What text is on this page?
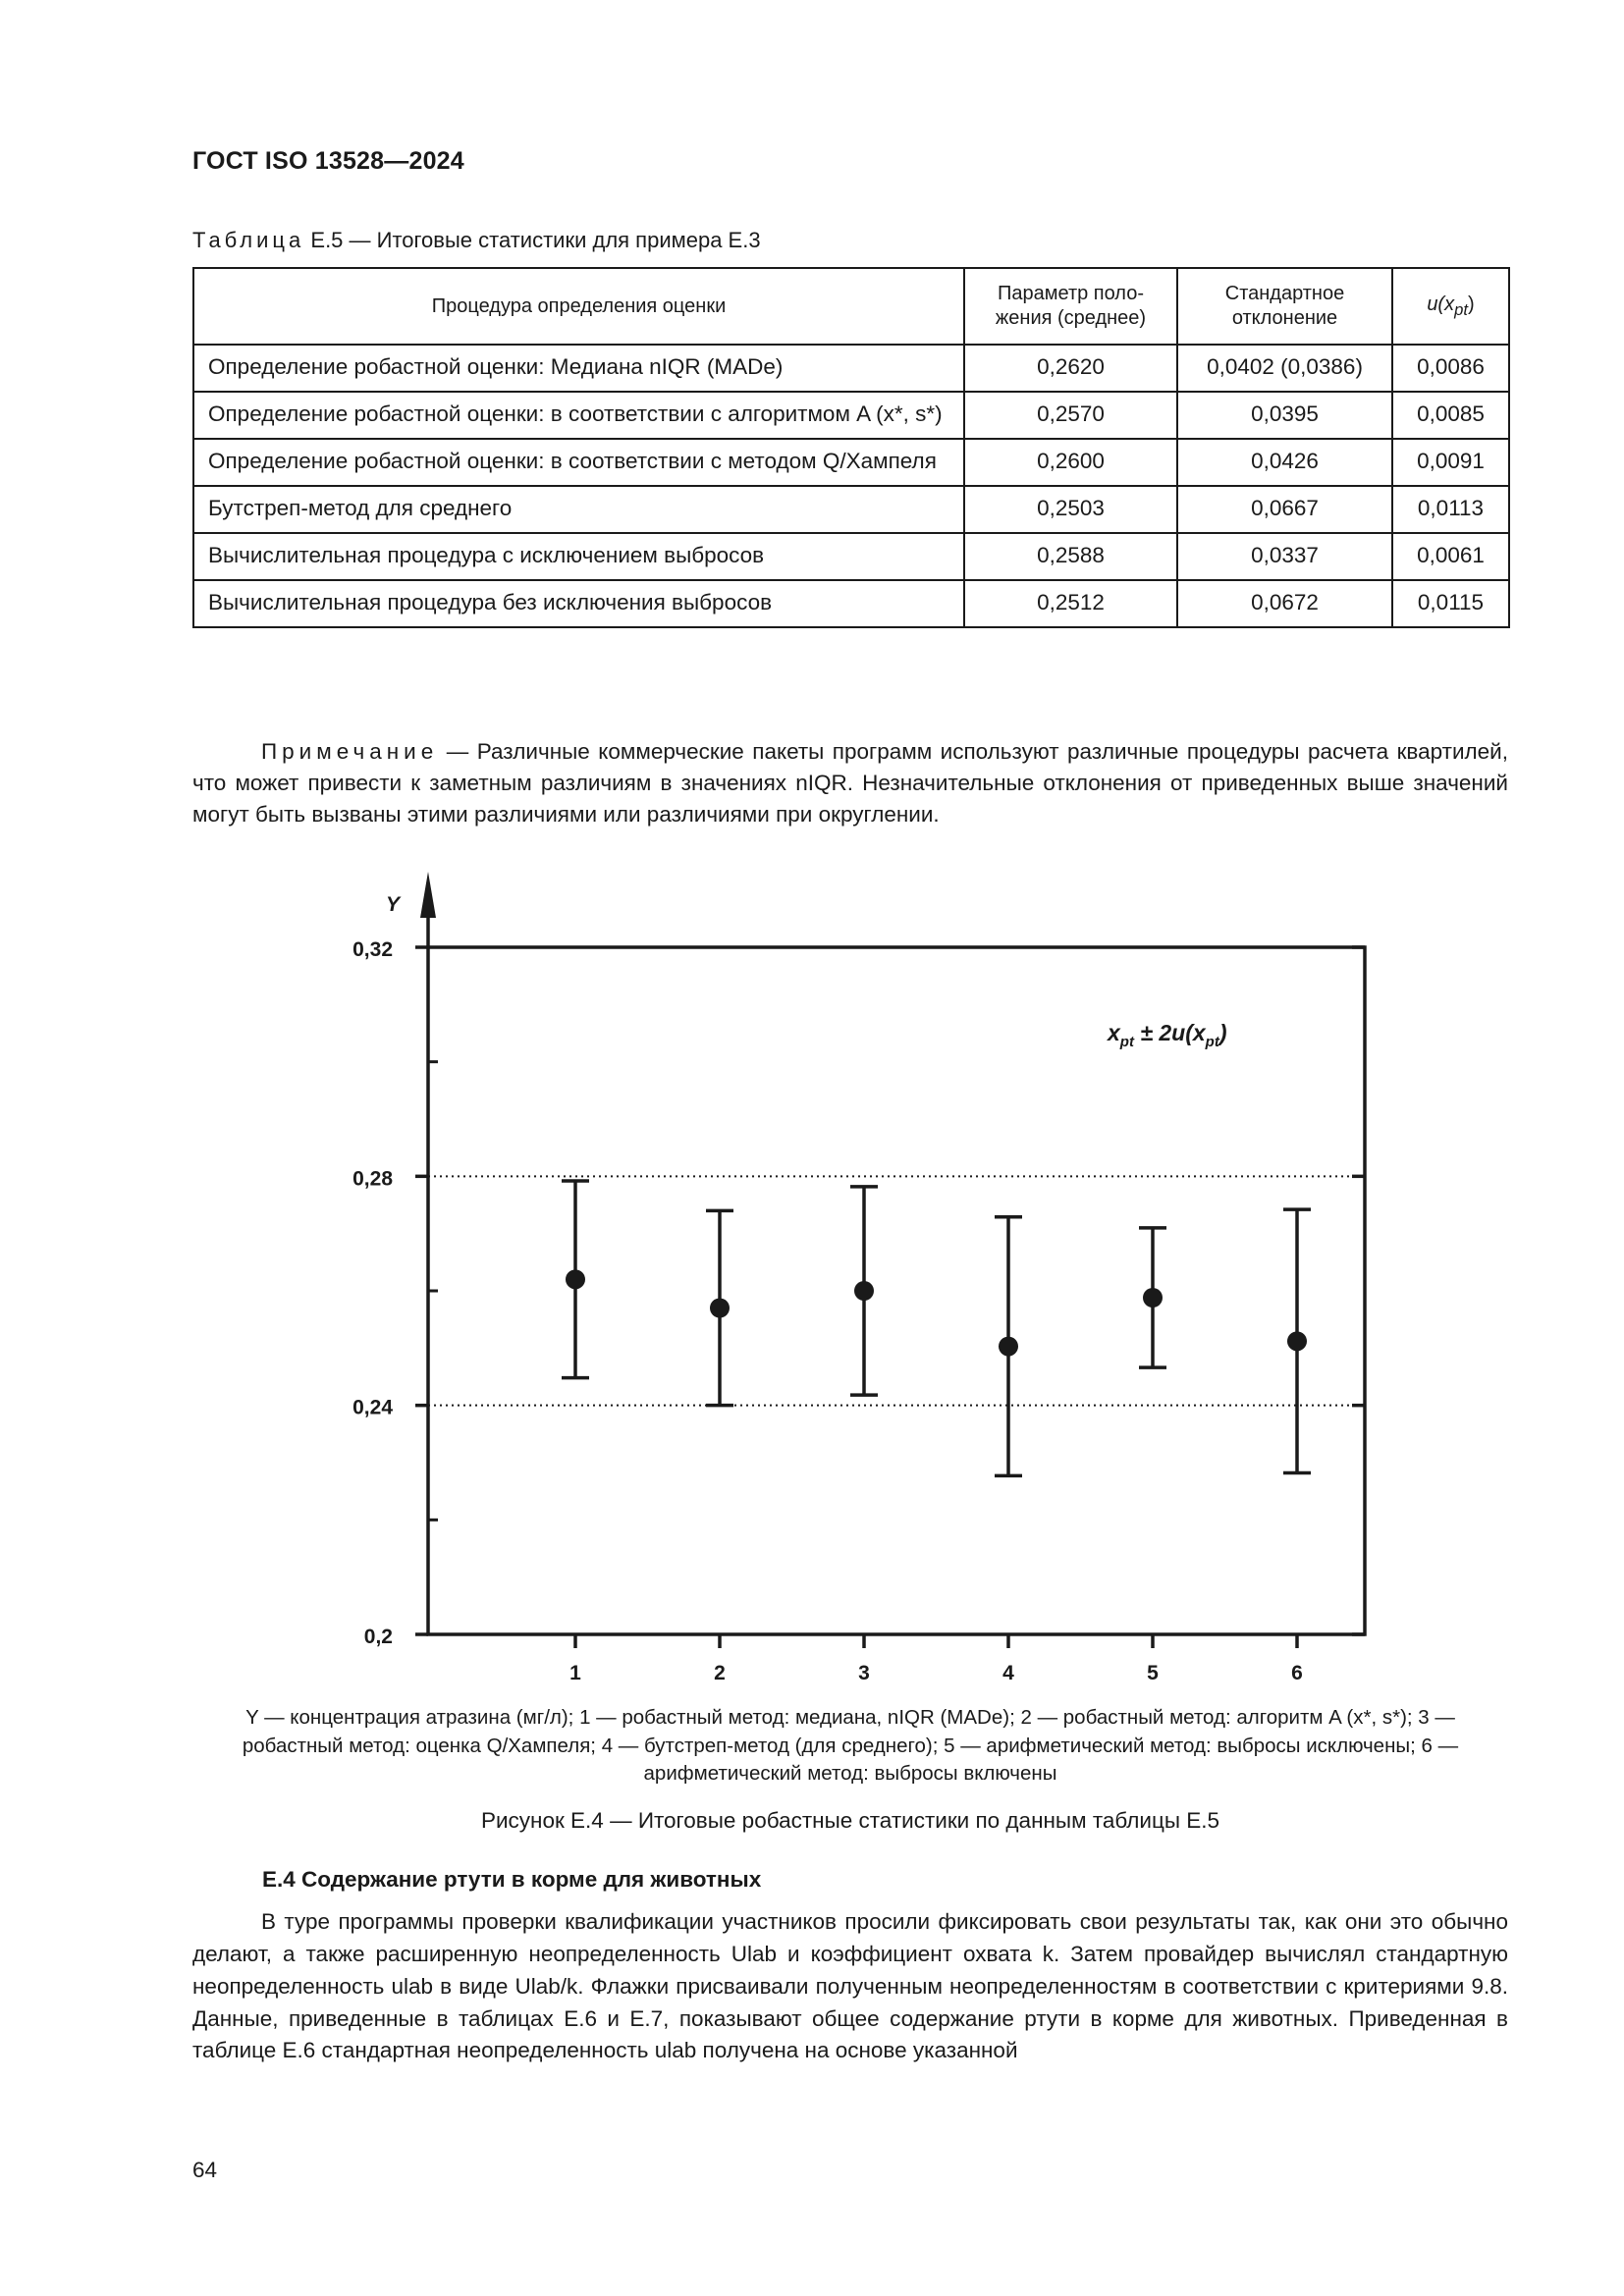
ГОСТ ISO 13528—2024
Таблица Е.5 — Итоговые статистики для примера Е.3
Процедура определения оценки	Параметр поло-жения (среднее)	Стандартное отклонение	$u(x_{pt})$
Определение робастной оценки: Медиана nIQR (MADe)	0,2620	0,0402 (0,0386)	0,0086
Определение робастной оценки: в соответствии с алгоритмом A (x*, s*)	0,2570	0,0395	0,0085
Определение робастной оценки: в соответствии с методом Q/Хампеля	0,2600	0,0426	0,0091
Бутстреп-метод для среднего	0,2503	0,0667	0,0113
Вычислительная процедура с исключением выбросов	0,2588	0,0337	0,0061
Вычислительная процедура без исключения выбросов	0,2512	0,0672	0,0115
Примечание — Различные коммерческие пакеты программ используют различные процедуры расчета квартилей, что может привести к заметным различиям в значениях nIQR. Незначительные отклонения от приведенных выше значений могут быть вызваны этими различиями или различиями при округлении.
0,2
0,24
0,28
0,32
1	2	3	4	5	6
Y
$x_{pt} \pm 2u(x_{pt})$
Y — концентрация атразина (мг/л); 1 — робастный метод: медиана, nIQR (MADe); 2 — робастный метод: алгоритм A (x*, s*); 3 — робастный метод: оценка Q/Хампеля; 4 — бутстреп-метод (для среднего); 5 — арифметический метод: выбросы исключены; 6 — арифметический метод: выбросы включены
Рисунок Е.4 — Итоговые робастные статистики по данным таблицы Е.5
Е.4 Содержание ртути в корме для животных
В туре программы проверки квалификации участников просили фиксировать свои результаты так, как они это обычно делают, а также расширенную неопределенность Ulab и коэффициент охвата k. Затем провайдер вычислял стандартную неопределенность ulab в виде Ulab/k. Флажки присваивали полученным неопределенностям в соответствии с критериями 9.8. Данные, приведенные в таблицах Е.6 и Е.7, показывают общее содержание ртути в корме для животных. Приведенная в таблице Е.6 стандартная неопределенность ulab получена на основе указанной
64
